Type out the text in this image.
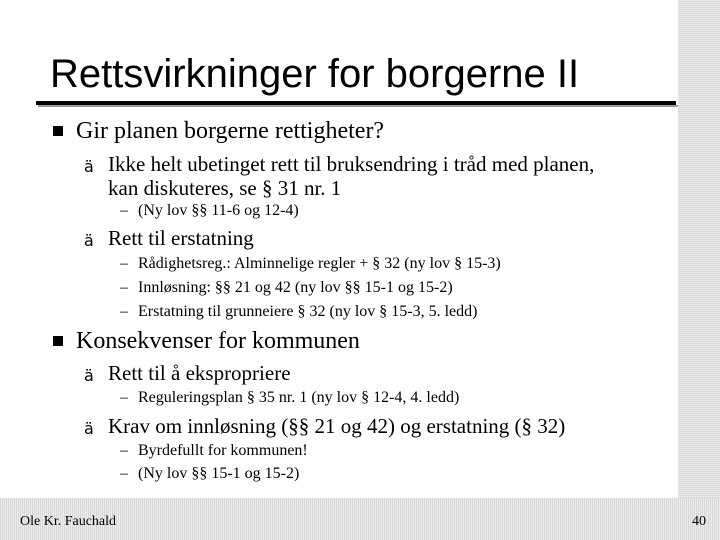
Rettsvirkninger for borgerne II
Gir planen borgerne rettigheter?
ä Ikke helt ubetinget rett til bruksendring i tråd med planen,
kan diskuteres, se § 31 nr. 1
– (Ny lov §§ 11-6 og 12-4)
ä Rett til erstatning
– Rådighetsreg.: Alminnelige regler + § 32 (ny lov § 15-3)
– Innløsning: §§ 21 og 42 (ny lov §§ 15-1 og 15-2)
– Erstatning til grunneiere § 32 (ny lov § 15-3, 5. ledd)
Konsekvenser for kommunen
ä Rett til å ekspropriere
– Reguleringsplan § 35 nr. 1 (ny lov § 12-4, 4. ledd)
ä Krav om innløsning (§§ 21 og 42) og erstatning (§ 32)
– Byrdefullt for kommunen!
– (Ny lov §§ 15-1 og 15-2)
Ole Kr. Fauchald	40
